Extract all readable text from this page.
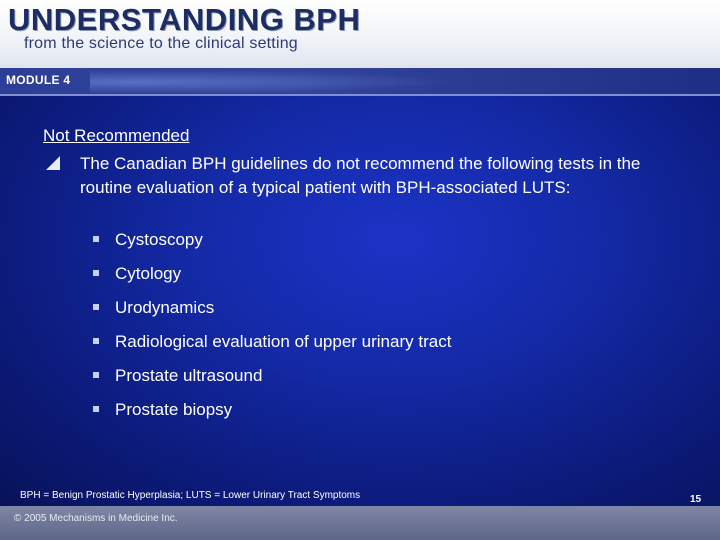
UNDERSTANDING BPH
from the science to the clinical setting
MODULE 4
Not Recommended
The Canadian BPH guidelines do not recommend the following tests in the routine evaluation of a typical patient with BPH-associated LUTS:
Cystoscopy
Cytology
Urodynamics
Radiological evaluation of upper urinary tract
Prostate ultrasound
Prostate biopsy
BPH = Benign Prostatic Hyperplasia; LUTS = Lower Urinary Tract Symptoms	15
© 2005 Mechanisms in Medicine Inc.
